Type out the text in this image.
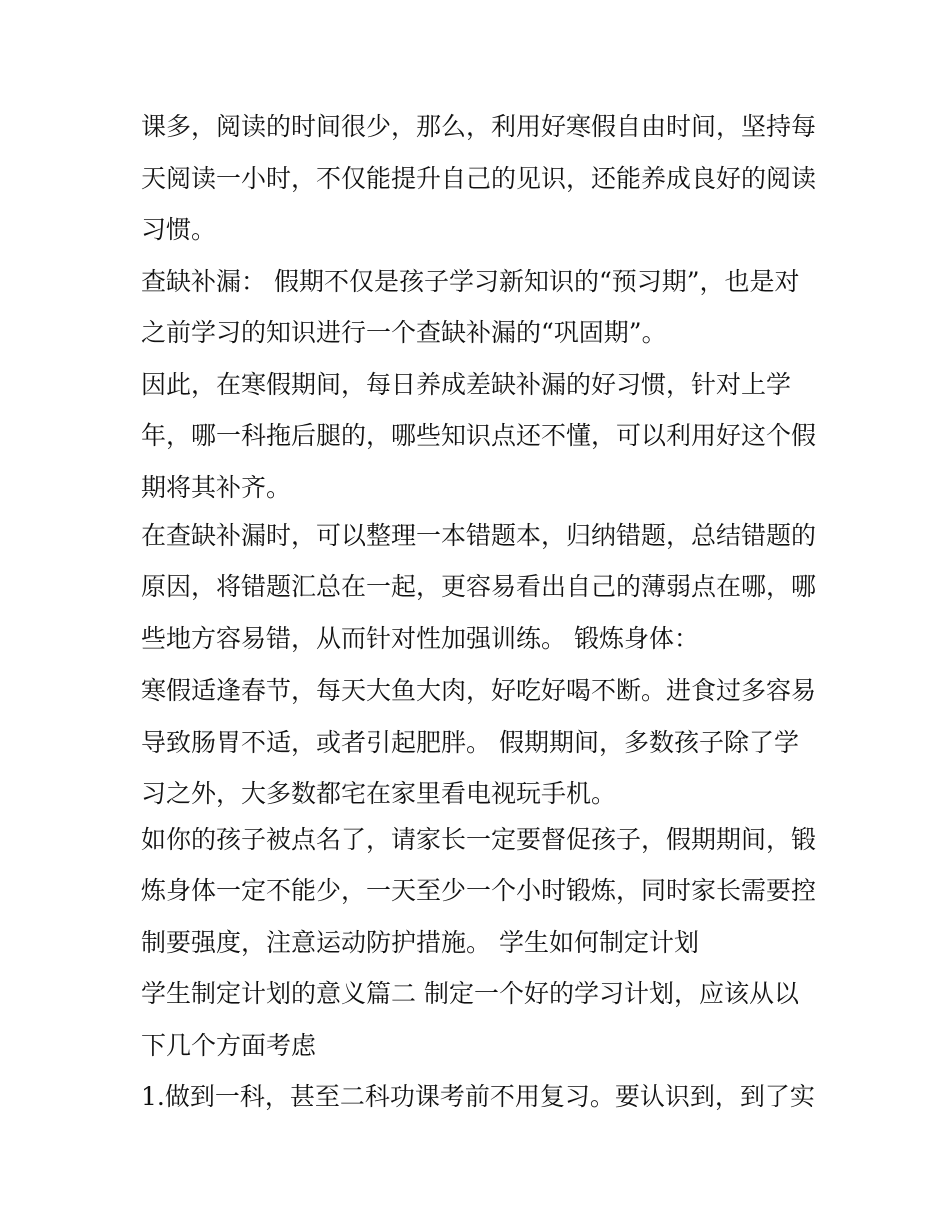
课多，阅读的时间很少，那么，利用好寒假自由时间，坚持每
天阅读一小时，不仅能提升自己的见识，还能养成良好的阅读
习惯。
查缺补漏： 假期不仅是孩子学习新知识的“预习期”，也是对
之前学习的知识进行一个查缺补漏的“巩固期”。
因此，在寒假期间，每日养成差缺补漏的好习惯，针对上学
年，哪一科拖后腿的，哪些知识点还不懂，可以利用好这个假
期将其补齐。
在查缺补漏时，可以整理一本错题本，归纳错题，总结错题的
原因，将错题汇总在一起，更容易看出自己的薄弱点在哪，哪
些地方容易错，从而针对性加强训练。 锻炼身体：
寒假适逢春节，每天大鱼大肉，好吃好喝不断。进食过多容易
导致肠胃不适，或者引起肥胖。 假期期间，多数孩子除了学
习之外，大多数都宅在家里看电视玩手机。
如你的孩子被点名了，请家长一定要督促孩子，假期期间，锻
炼身体一定不能少，一天至少一个小时锻炼，同时家长需要控
制要强度，注意运动防护措施。 学生如何制定计划
学生制定计划的意义篇二 制定一个好的学习计划，应该从以
下几个方面考虑
1.做到一科，甚至二科功课考前不用复习。要认识到，到了实
